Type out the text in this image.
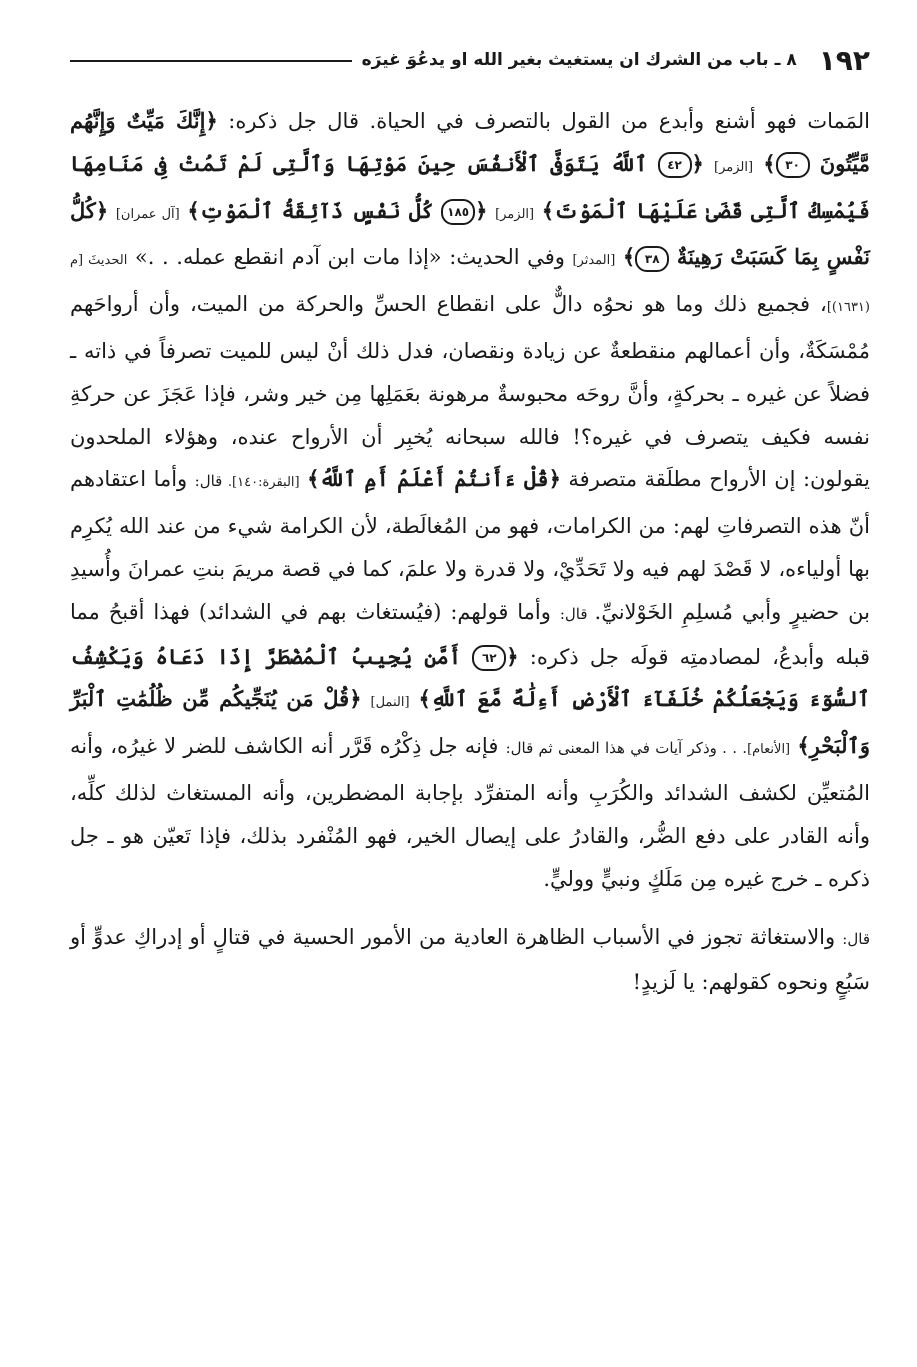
١٩٢
٨ ـ باب من الشرك ان يستغيث بغير الله او يدعُوَ غيرَه

المَمات فهو أشنع وأبدع من القول بالتصرف في الحياة. قال جل ذكره: ﴿إِنَّكَ مَيِّتٌ وَإِنَّهُم مَّيِّتُونَ ٣٠﴾ [الزمر] ﴿٤٢ ٱللَّهُ يَتَوَفَّى ٱلْأَنفُسَ حِينَ مَوْتِهَا وَٱلَّتِى لَمْ تَمُتْ فِى مَنَامِهَا فَيُمْسِكُ ٱلَّتِى قَضَىٰ عَلَيْهَا ٱلْمَوْتَ﴾ [الزمر] ﴿١٨٥ كُلُّ نَفْسٍ ذَآئِقَةُ ٱلْمَوْتِ﴾ [آل عمران] ﴿كُلُّ نَفْسٍ بِمَا كَسَبَتْ رَهِينَةٌ ٣٨﴾ [المدثر] وفي الحديث: «إذا مات ابن آدم انقطع عمله. . .» الحديثَ [م (١٦٣١)]، فجميع ذلك وما هو نحوُه دالٌّ على انقطاع الحسِّ والحركة من الميت، وأن أرواحَهم مُمْسَكَةٌ، وأن أعمالهم منقطعةٌ عن زيادة ونقصان، فدل ذلك أنْ ليس للميت تصرفاً في ذاته ـ فضلاً عن غيره ـ بحركةٍ، وأنَّ روحَه محبوسةٌ مرهونة بعَمَلِها مِن خير وشر، فإذا عَجَزَ عن حركةِ نفسه فكيف يتصرف في غيره؟! فالله سبحانه يُخبِر أن الأرواح عنده، وهؤلاء الملحدون يقولون: إن الأرواح مطلَقة متصرفة ﴿قُلْ ءَأَنتُمْ أَعْلَمُ أَمِ ٱللَّهُ﴾ [البقرة:١٤٠]. قال: وأما اعتقادهم أنّ هذه التصرفاتِ لهم: من الكرامات، فهو من المُغالَطة، لأن الكرامة شيء من عند الله يُكرِم بها أولياءه، لا قَصْدَ لهم فيه ولا تَحَدِّيْ، ولا قدرة ولا علمَ، كما في قصة مريمَ بنتِ عمرانَ وأُسيدِ بن حضيرٍ وأبي مُسلِمِ الخَوْلانيِّ. قال: وأما قولهم: (فيُستغاث بهم في الشدائد) فهذا أقبحُ مما قبله وأبدعُ، لمصادمتِه قولَه جل ذكره: ﴿٦٢ أَمَّن يُجِيبُ ٱلْمُضْطَرَّ إِذَا دَعَاهُ وَيَكْشِفُ ٱلسُّوٓءَ وَيَجْعَلُكُمْ خُلَفَآءَ ٱلْأَرْضِ أَءِلَٰهٌ مَّعَ ٱللَّهِ﴾ [النمل] ﴿قُلْ مَن يُنَجِّيكُم مِّن ظُلُمَٰتِ ٱلْبَرِّ وَٱلْبَحْرِ﴾ [الأنعام]. . . وذكر آيات في هذا المعنى ثم قال: فإنه جل ذِكْرُه قَرَّر أنه الكاشف للضر لا غيرُه، وأنه المُتعيِّن لكشف الشدائد والكُرَبِ وأنه المتفرِّد بإجابة المضطرين، وأنه المستغاث لذلك كلِّه، وأنه القادر على دفع الضُّر، والقادرُ على إيصال الخير، فهو المُنْفرد بذلك، فإذا تَعيّن هو ـ جل ذكره ـ خرج غيره مِن مَلَكٍ ونبيٍّ ووليٍّ.

قال: والاستغاثة تجوز في الأسباب الظاهرة العادية من الأمور الحسية في قتالٍ أو إدراكِ عدوٍّ أو سَبُعٍ ونحوه كقولهم: يا لَزيدٍ!
